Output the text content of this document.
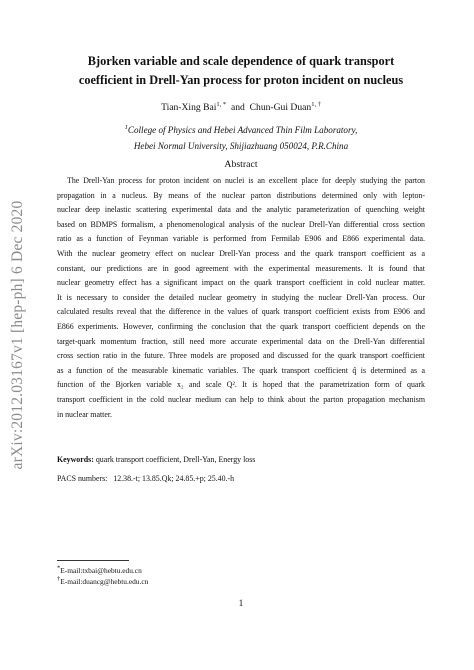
arXiv:2012.03167v1 [hep-ph] 6 Dec 2020
Bjorken variable and scale dependence of quark transport
coefficient in Drell-Yan process for proton incident on nucleus
Tian-Xing Bai$^{1, *}$ and Chun-Gui Duan$^{1, \dagger}$
$^1$College of Physics and Hebei Advanced Thin Film Laboratory,
Hebei Normal University, Shijiazhuang 050024, P.R.China
Abstract
The Drell-Yan process for proton incident on nuclei is an excellent place for deeply studying the parton
propagation in a nucleus. By means of the nuclear parton distributions determined only with lepton-
nuclear deep inelastic scattering experimental data and the analytic parameterization of quenching weight
based on BDMPS formalism, a phenomenological analysis of the nuclear Drell-Yan differential cross section
ratio as a function of Feynman variable is performed from Fermilab E906 and E866 experimental data.
With the nuclear geometry effect on nuclear Drell-Yan process and the quark transport coefficient as a
constant, our predictions are in good agreement with the experimental measurements. It is found that
nuclear geometry effect has a significant impact on the quark transport coefficient in cold nuclear matter.
It is necessary to consider the detailed nuclear geometry in studying the nuclear Drell-Yan process. Our
calculated results reveal that the difference in the values of quark transport coefficient exists from E906 and
E866 experiments. However, confirming the conclusion that the quark transport coefficient depends on the
target-quark momentum fraction, still need more accurate experimental data on the Drell-Yan differential
cross section ratio in the future. Three models are proposed and discussed for the quark transport coefficient
as a function of the measurable kinematic variables. The quark transport coefficient q̂ is determined as a
function of the Bjorken variable x₂ and scale Q². It is hoped that the parametrization form of quark
transport coefficient in the cold nuclear medium can help to think about the parton propagation mechanism
in nuclear matter.
Keywords: quark transport coefficient, Drell-Yan, Energy loss
PACS numbers: 12.38.-t; 13.85.Qk; 24.85.+p; 25.40.-h
*E-mail:txbai@hebtu.edu.cn
†E-mail:duancg@hebtu.edu.cn
1
